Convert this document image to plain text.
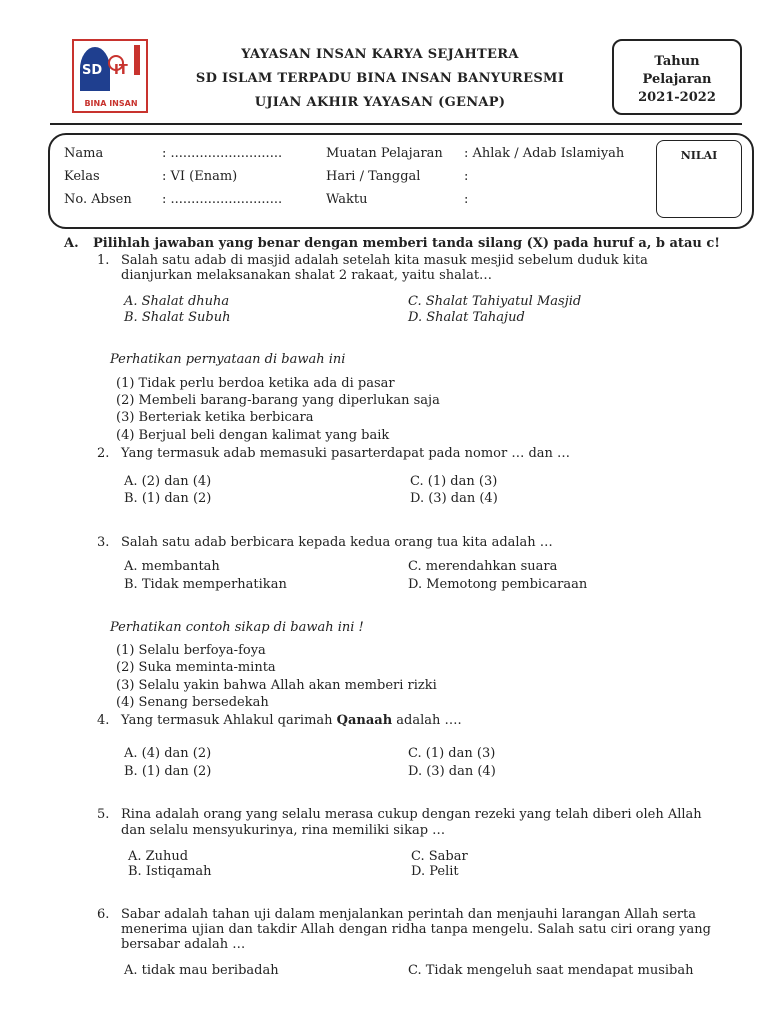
SD IT
BINA INSAN
YAYASAN INSAN KARYA SEJAHTERA
SD ISLAM TERPADU BINA INSAN BANYURESMI
UJIAN AKHIR YAYASAN (GENAP)
Tahun
Pelajaran
2021-2022
Nama	: ...........................
Kelas	: VI (Enam)
No. Absen : ...........................
Muatan Pelajaran : Ahlak / Adab Islamiyah
Hari / Tanggal	:
Waktu	:
NILAI
A. Pilihlah jawaban yang benar dengan memberi tanda silang (X) pada huruf a, b atau c!
1. Salah satu adab di masjid adalah setelah kita masuk mesjid sebelum duduk kita
dianjurkan melaksanakan shalat 2 rakaat, yaitu shalat…
A. Shalat dhuha
B. Shalat Subuh
C. Shalat Tahiyatul Masjid
D. Shalat Tahajud
Perhatikan pernyataan di bawah ini
(1) Tidak perlu berdoa ketika ada di pasar
(2) Membeli barang-barang yang diperlukan saja
(3) Berteriak ketika berbicara
(4) Berjual beli dengan kalimat yang baik
2. Yang termasuk adab memasuki pasarterdapat pada nomor … dan …
A. (2) dan (4)
B. (1) dan (2)
C. (1) dan (3)
D. (3) dan (4)
3. Salah satu adab berbicara kepada kedua orang tua kita adalah …
A. membantah
B. Tidak memperhatikan
C. merendahkan suara
D. Memotong pembicaraan
Perhatikan contoh sikap di bawah ini !
(1) Selalu berfoya-foya
(2) Suka meminta-minta
(3) Selalu yakin bahwa Allah akan memberi rizki
(4) Senang bersedekah
4. Yang termasuk Ahlakul qarimah Qanaah adalah ….
A. (4) dan (2)
B. (1) dan (2)
C. (1) dan (3)
D. (3) dan (4)
5. Rina adalah orang yang selalu merasa cukup dengan rezeki yang telah diberi oleh Allah
dan selalu mensyukurinya, rina memiliki sikap …
A. Zuhud
B. Istiqamah
C. Sabar
D. Pelit
6. Sabar adalah tahan uji dalam menjalankan perintah dan menjauhi larangan Allah serta
menerima ujian dan takdir Allah dengan ridha tanpa mengelu. Salah satu ciri orang yang
bersabar adalah …
A. tidak mau beribadah	C. Tidak mengeluh saat mendapat musibah
